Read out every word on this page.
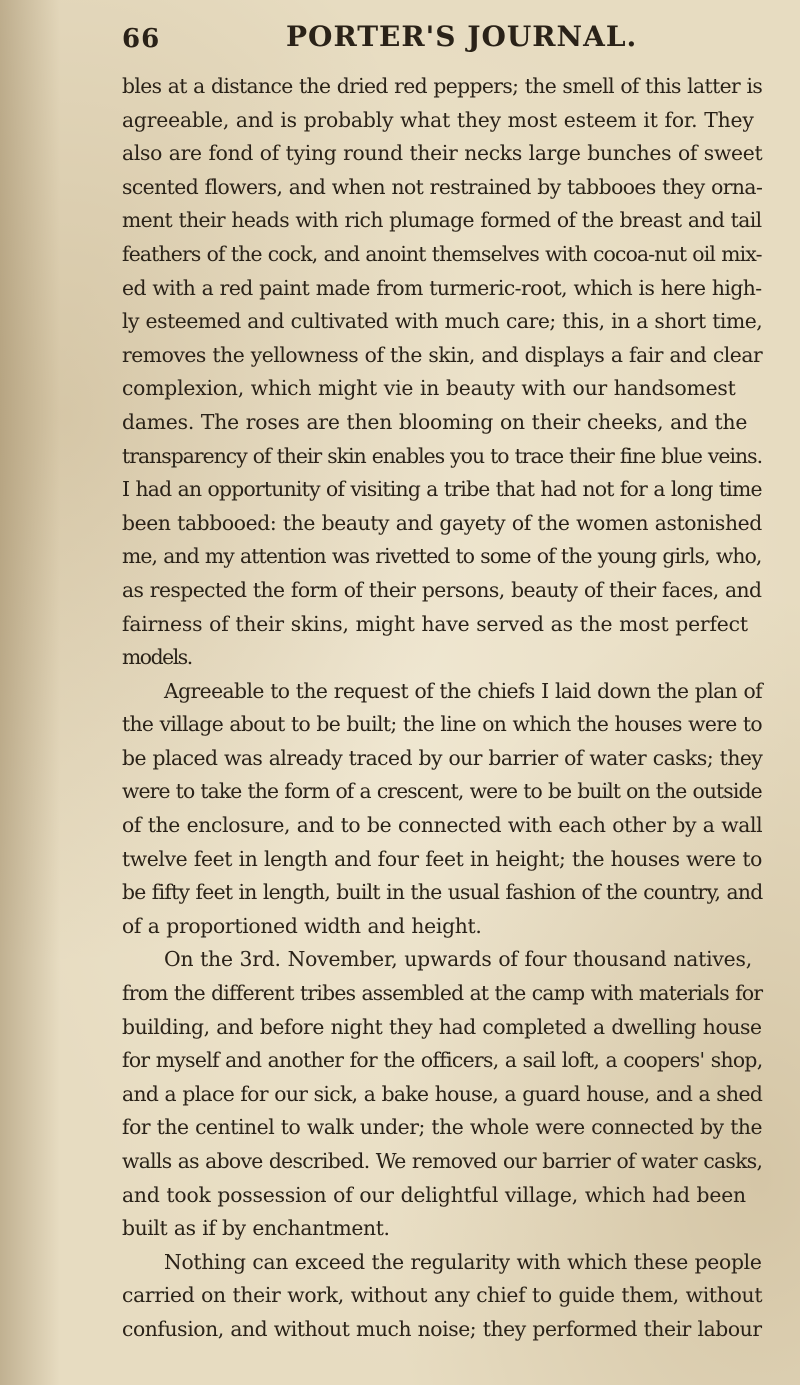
66	PORTER'S JOURNAL.
bles at a distance the dried red peppers; the smell of this latter is
agreeable, and is probably what they most esteem it for. They
also are fond of tying round their necks large bunches of sweet
scented flowers, and when not restrained by tabbooes they orna-
ment their heads with rich plumage formed of the breast and tail
feathers of the cock, and anoint themselves with cocoa-nut oil mix-
ed with a red paint made from turmeric-root, which is here high-
ly esteemed and cultivated with much care; this, in a short time,
removes the yellowness of the skin, and displays a fair and clear
complexion, which might vie in beauty with our handsomest
dames. The roses are then blooming on their cheeks, and the
transparency of their skin enables you to trace their fine blue veins.
I had an opportunity of visiting a tribe that had not for a long time
been tabbooed: the beauty and gayety of the women astonished
me, and my attention was rivetted to some of the young girls, who,
as respected the form of their persons, beauty of their faces, and
fairness of their skins, might have served as the most perfect
models.
Agreeable to the request of the chiefs I laid down the plan of
the village about to be built; the line on which the houses were to
be placed was already traced by our barrier of water casks; they
were to take the form of a crescent, were to be built on the outside
of the enclosure, and to be connected with each other by a wall
twelve feet in length and four feet in height; the houses were to
be fifty feet in length, built in the usual fashion of the country, and
of a proportioned width and height.
On the 3rd. November, upwards of four thousand natives,
from the different tribes assembled at the camp with materials for
building, and before night they had completed a dwelling house
for myself and another for the officers, a sail loft, a coopers' shop,
and a place for our sick, a bake house, a guard house, and a shed
for the centinel to walk under; the whole were connected by the
walls as above described. We removed our barrier of water casks,
and took possession of our delightful village, which had been
built as if by enchantment.
Nothing can exceed the regularity with which these people
carried on their work, without any chief to guide them, without
confusion, and without much noise; they performed their labour
